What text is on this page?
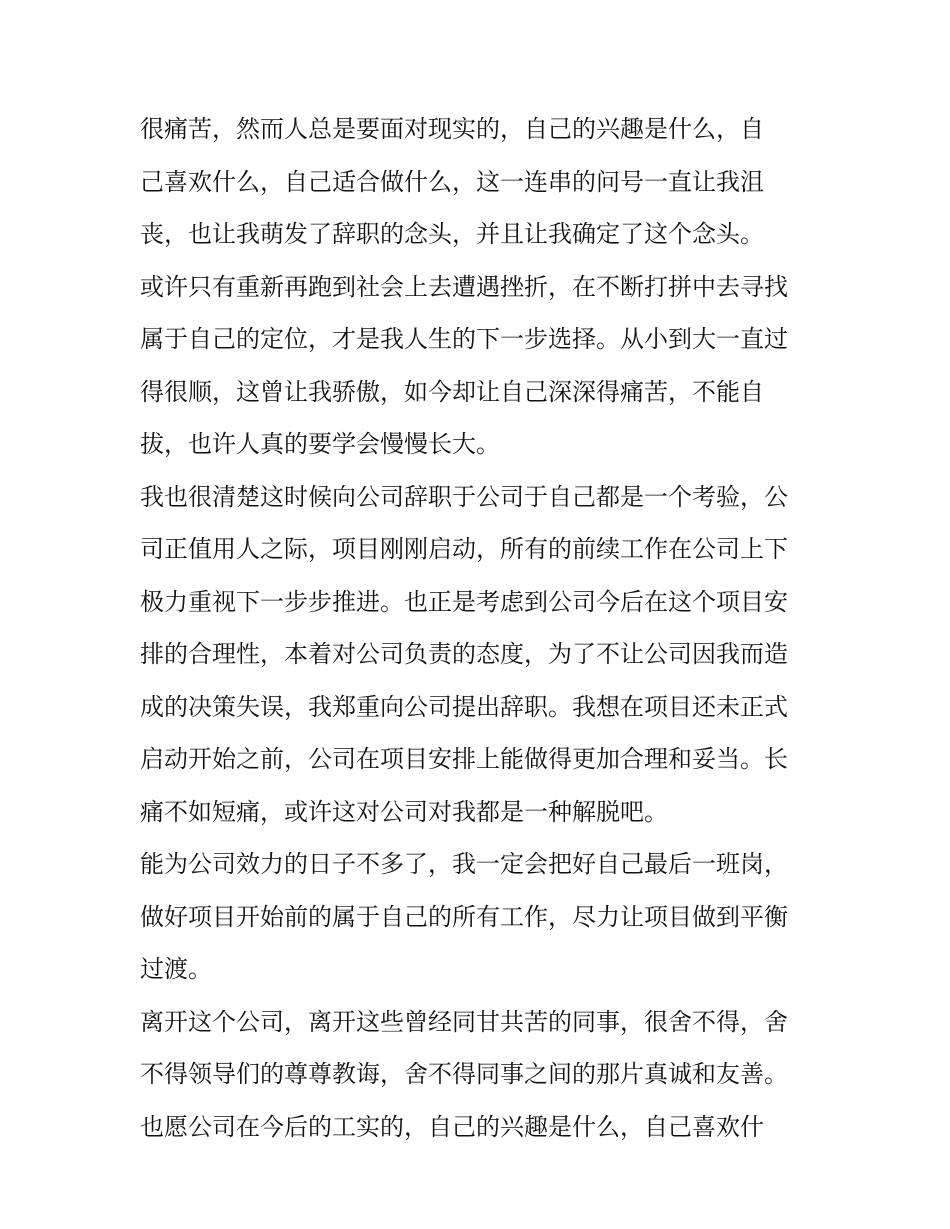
很痛苦，然而人总是要面对现实的，自己的兴趣是什么，自
己喜欢什么，自己适合做什么，这一连串的问号一直让我沮
丧，也让我萌发了辞职的念头，并且让我确定了这个念头。
或许只有重新再跑到社会上去遭遇挫折，在不断打拼中去寻找
属于自己的定位，才是我人生的下一步选择。从小到大一直过
得很顺，这曾让我骄傲，如今却让自己深深得痛苦，不能自
拔，也许人真的要学会慢慢长大。
我也很清楚这时候向公司辞职于公司于自己都是一个考验，公
司正值用人之际，项目刚刚启动，所有的前续工作在公司上下
极力重视下一步步推进。也正是考虑到公司今后在这个项目安
排的合理性，本着对公司负责的态度，为了不让公司因我而造
成的决策失误，我郑重向公司提出辞职。我想在项目还未正式
启动开始之前，公司在项目安排上能做得更加合理和妥当。长
痛不如短痛，或许这对公司对我都是一种解脱吧。
能为公司效力的日子不多了，我一定会把好自己最后一班岗，
做好项目开始前的属于自己的所有工作，尽力让项目做到平衡
过渡。
离开这个公司，离开这些曾经同甘共苦的同事，很舍不得，舍
不得领导们的尊尊教诲，舍不得同事之间的那片真诚和友善。
也愿公司在今后的工实的，自己的兴趣是什么，自己喜欢什
